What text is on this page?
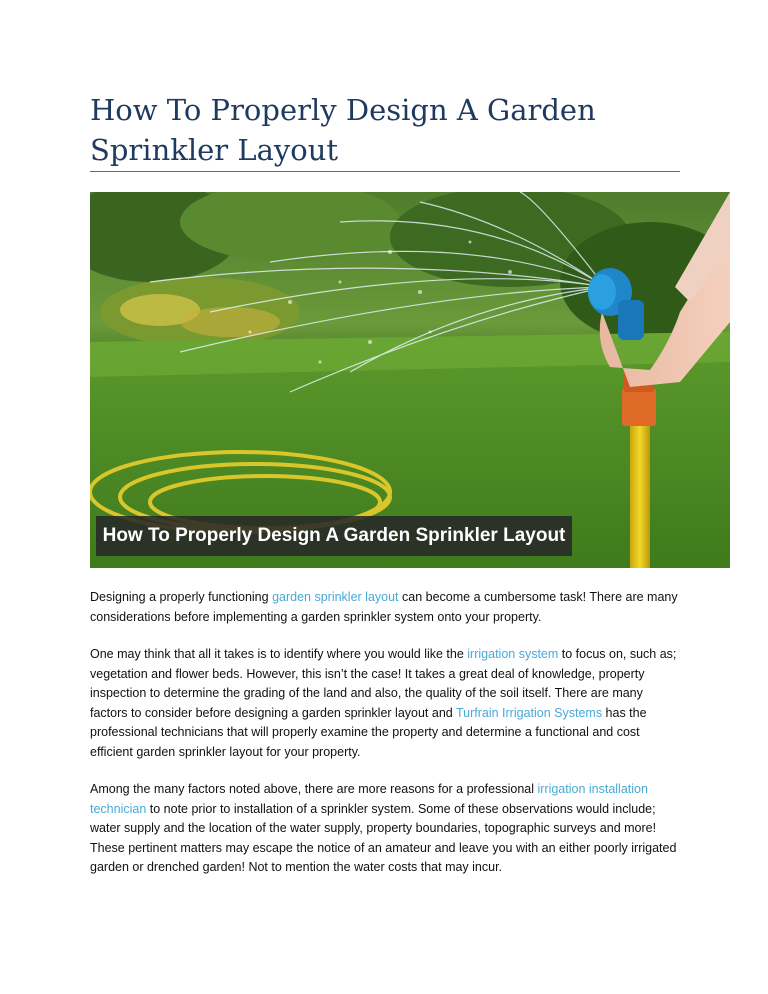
How To Properly Design A Garden Sprinkler Layout
How To Properly Design A Garden Sprinkler Layout

Designing a properly functioning garden sprinkler layout can become a cumbersome task! There are many considerations before implementing a garden sprinkler system onto your property.

One may think that all it takes is to identify where you would like the irrigation system to focus on, such as; vegetation and flower beds. However, this isn’t the case! It takes a great deal of knowledge, property inspection to determine the grading of the land and also, the quality of the soil itself. There are many factors to consider before designing a garden sprinkler layout and Turfrain Irrigation Systems has the professional technicians that will properly examine the property and determine a functional and cost efficient garden sprinkler layout for your property.

Among the many factors noted above, there are more reasons for a professional irrigation installation technician to note prior to installation of a sprinkler system. Some of these observations would include; water supply and the location of the water supply, property boundaries, topographic surveys and more! These pertinent matters may escape the notice of an amateur and leave you with an either poorly irrigated garden or drenched garden! Not to mention the water costs that may incur.
